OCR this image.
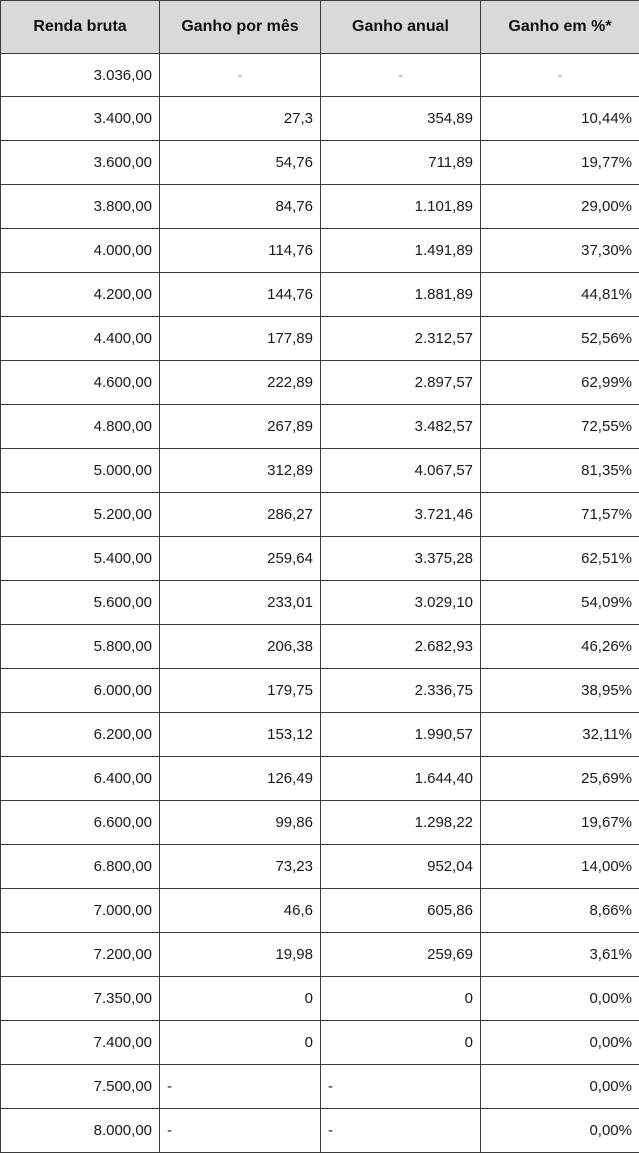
Renda bruta	Ganho por mês	Ganho anual	Ganho em %*
3.036,00	-	-	-
3.400,00	27,3	354,89	10,44%
3.600,00	54,76	711,89	19,77%
3.800,00	84,76	1.101,89	29,00%
4.000,00	114,76	1.491,89	37,30%
4.200,00	144,76	1.881,89	44,81%
4.400,00	177,89	2.312,57	52,56%
4.600,00	222,89	2.897,57	62,99%
4.800,00	267,89	3.482,57	72,55%
5.000,00	312,89	4.067,57	81,35%
5.200,00	286,27	3.721,46	71,57%
5.400,00	259,64	3.375,28	62,51%
5.600,00	233,01	3.029,10	54,09%
5.800,00	206,38	2.682,93	46,26%
6.000,00	179,75	2.336,75	38,95%
6.200,00	153,12	1.990,57	32,11%
6.400,00	126,49	1.644,40	25,69%
6.600,00	99,86	1.298,22	19,67%
6.800,00	73,23	952,04	14,00%
7.000,00	46,6	605,86	8,66%
7.200,00	19,98	259,69	3,61%
7.350,00	0	0	0,00%
7.400,00	0	0	0,00%
7.500,00	-	-	0,00%
8.000,00	-	-	0,00%
